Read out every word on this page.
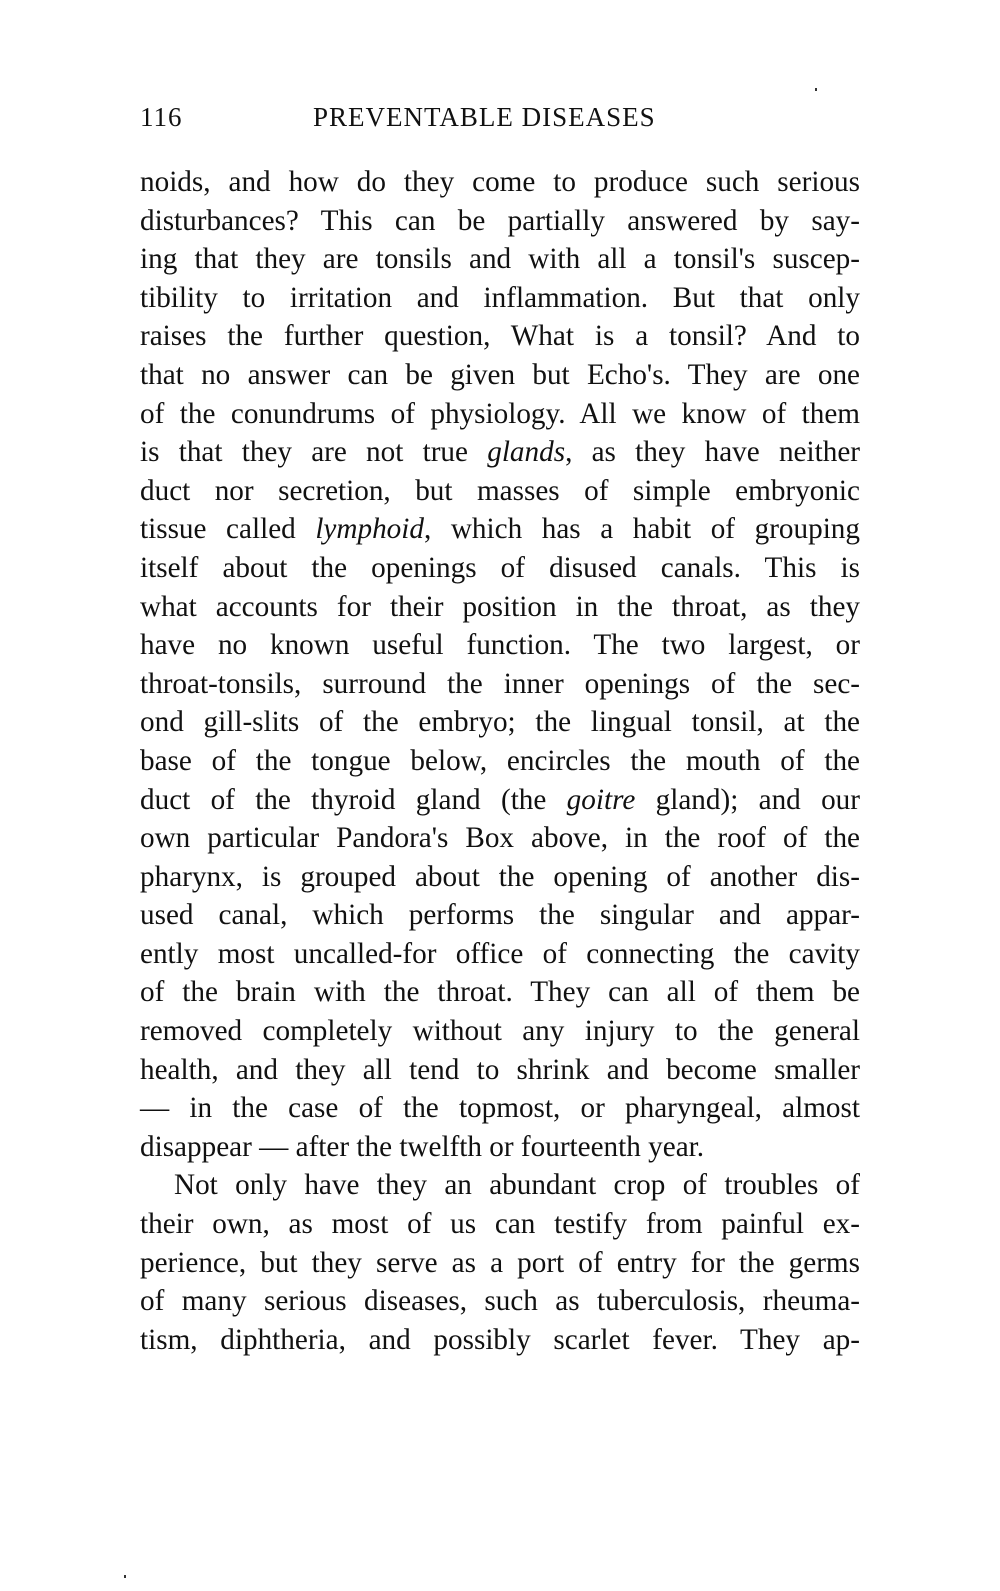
116	PREVENTABLE DISEASES
noids, and how do they come to produce such serious
disturbances? This can be partially answered by say-
ing that they are tonsils and with all a tonsil's suscep-
tibility to irritation and inflammation. But that only
raises the further question, What is a tonsil? And to
that no answer can be given but Echo's. They are one
of the conundrums of physiology. All we know of them
is that they are not true glands, as they have neither
duct nor secretion, but masses of simple embryonic
tissue called lymphoid, which has a habit of grouping
itself about the openings of disused canals. This is
what accounts for their position in the throat, as they
have no known useful function. The two largest, or
throat-tonsils, surround the inner openings of the sec-
ond gill-slits of the embryo; the lingual tonsil, at the
base of the tongue below, encircles the mouth of the
duct of the thyroid gland (the goitre gland); and our
own particular Pandora's Box above, in the roof of the
pharynx, is grouped about the opening of another dis-
used canal, which performs the singular and appar-
ently most uncalled-for office of connecting the cavity
of the brain with the throat. They can all of them be
removed completely without any injury to the general
health, and they all tend to shrink and become smaller
— in the case of the topmost, or pharyngeal, almost
disappear — after the twelfth or fourteenth year.
Not only have they an abundant crop of troubles of
their own, as most of us can testify from painful ex-
perience, but they serve as a port of entry for the germs
of many serious diseases, such as tuberculosis, rheuma-
tism, diphtheria, and possibly scarlet fever. They ap-
